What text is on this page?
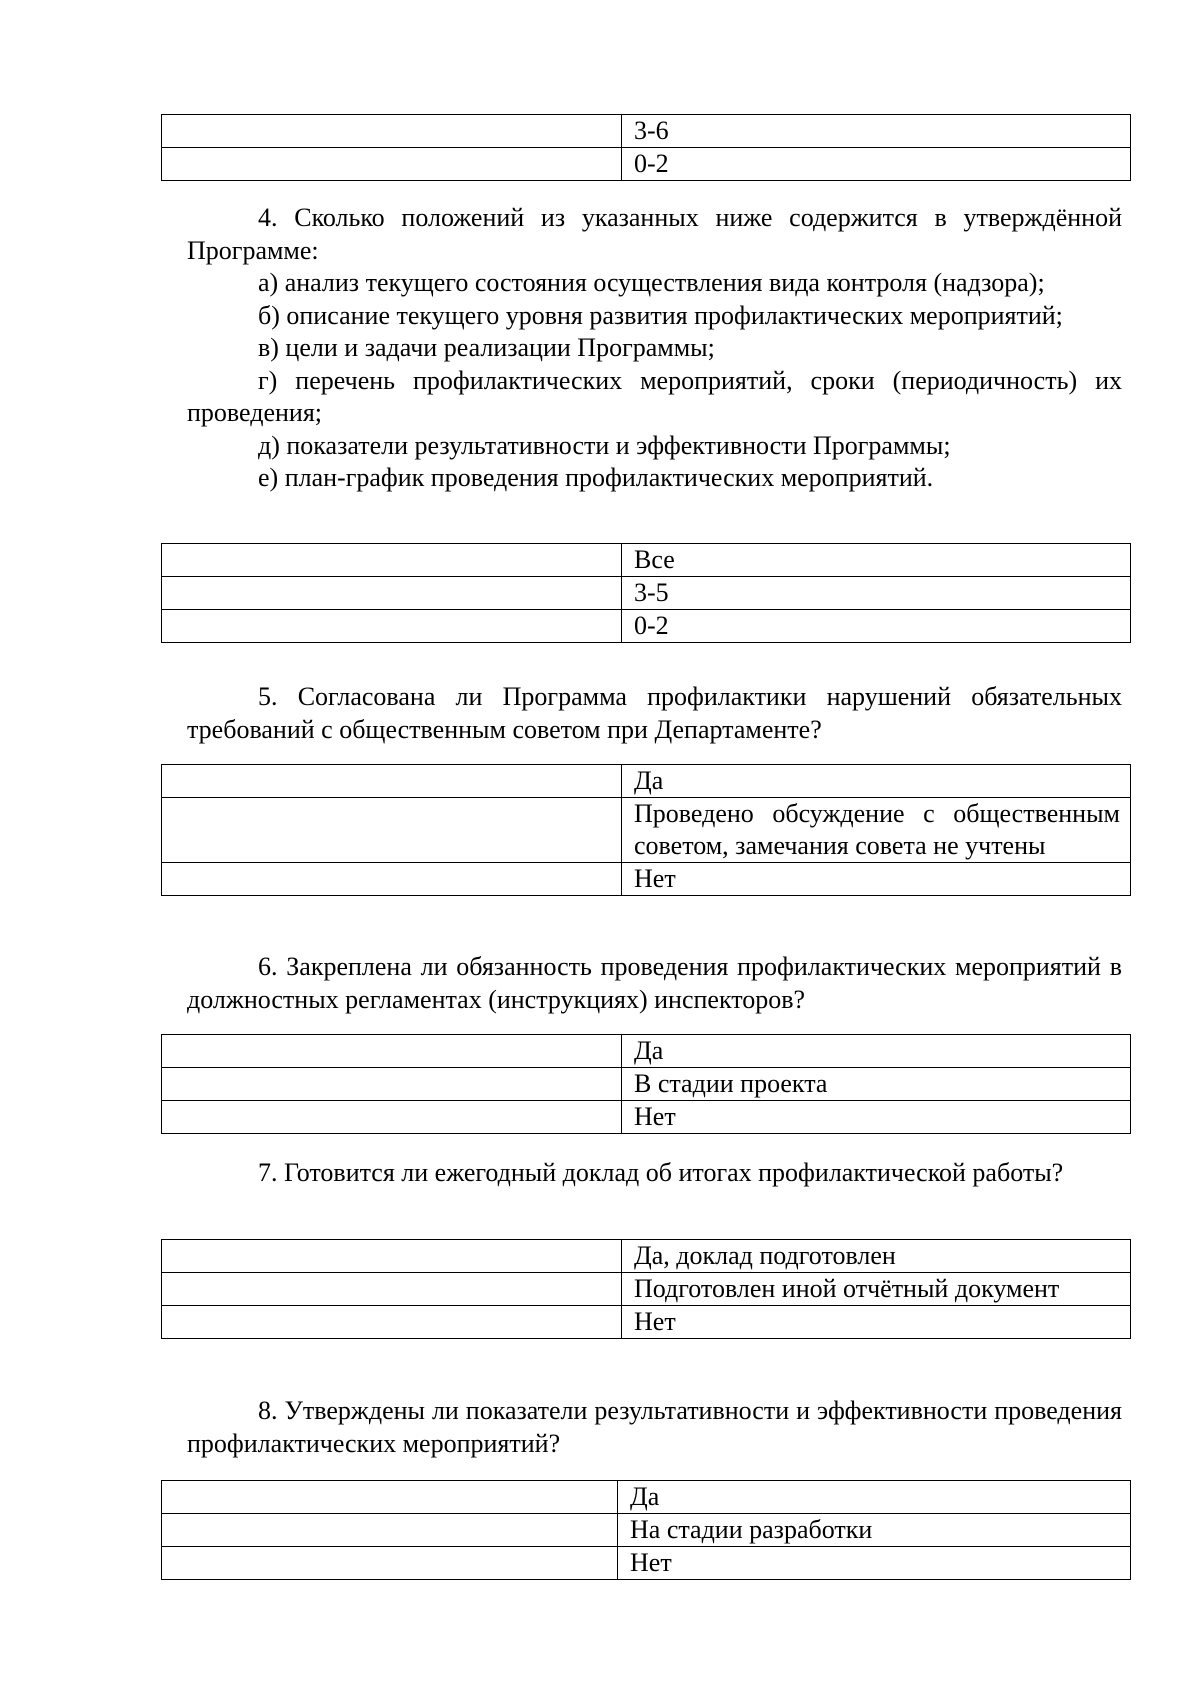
	3-6
	0-2

4. Сколько положений из указанных ниже содержится в утверждённой

Программе:

а) анализ текущего состояния осуществления вида контроля (надзора);

б) описание текущего уровня развития профилактических мероприятий;

в) цели и задачи реализации Программы;

г) перечень профилактических мероприятий, сроки (периодичность) их проведения;

д) показатели результативности и эффективности Программы;

е) план-график проведения профилактических мероприятий.

	Все
	3-5
	0-2

5. Согласована ли Программа профилактики нарушений обязательных требований с общественным советом при Департаменте?

	Да
	Проведено обсуждение с общественным советом, замечания совета не учтены
	Нет

6. Закреплена ли обязанность проведения профилактических мероприятий в должностных регламентах (инструкциях) инспекторов?

	Да
	В стадии проекта
	Нет

7. Готовится ли ежегодный доклад об итогах профилактической работы?

	Да, доклад подготовлен
	Подготовлен иной отчётный документ
	Нет

8. Утверждены ли показатели результативности и эффективности проведения профилактических мероприятий?

	Да
	На стадии разработки
	Нет
